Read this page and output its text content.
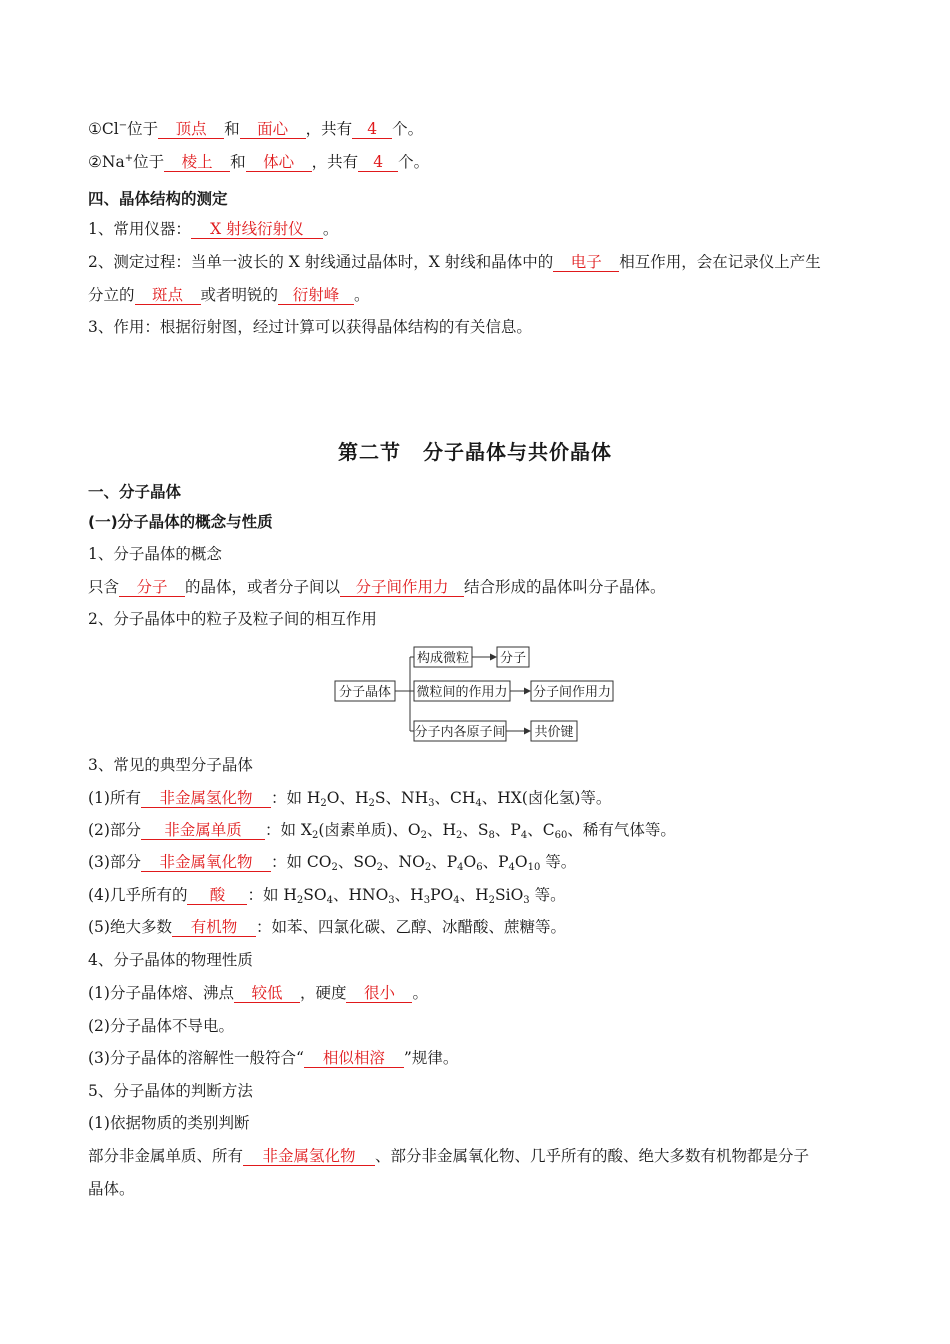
①Cl−位于 顶点 和 面心 ，共有 4 个。
②Na+位于 棱上 和 体心 ，共有 4 个。
四、晶体结构的测定
1、常用仪器： X 射线衍射仪 。
2、测定过程：当单一波长的 X 射线通过晶体时，X 射线和晶体中的 电子 相互作用，会在记录仪上产生
分立的 斑点 或者明锐的 衍射峰 。
3、作用：根据衍射图，经过计算可以获得晶体结构的有关信息。
第二节 分子晶体与共价晶体
一、分子晶体
(一)分子晶体的概念与性质
1、分子晶体的概念
只含 分子 的晶体，或者分子间以 分子间作用力 结合形成的晶体叫分子晶体。
2、分子晶体中的粒子及粒子间的相互作用
分子晶体
构成微粒
微粒间的作用力
分子内各原子间
分子
分子间作用力
共价键
3、常见的典型分子晶体
(1)所有 非金属氢化物 ：如 $H_2O$、$H_2S$、$NH_3$、$CH_4$、HX(卤化氢)等。
(2)部分 非金属单质 ：如 $X_2$(卤素单质)、$O_2$、$H_2$、$S_8$、$P_4$、$C_{60}$、稀有气体等。
(3)部分 非金属氧化物 ：如 $CO_2$、$SO_2$、$NO_2$、$P_4O_6$、$P_4O_{10}$ 等。
(4)几乎所有的 酸 ：如 $H_2SO_4$、$HNO_3$、$H_3PO_4$、$H_2SiO_3$ 等。
(5)绝大多数 有机物 ：如苯、四氯化碳、乙醇、冰醋酸、蔗糖等。
4、分子晶体的物理性质
(1)分子晶体熔、沸点 较低 ，硬度 很小 。
(2)分子晶体不导电。
(3)分子晶体的溶解性一般符合“ 相似相溶 ”规律。
5、分子晶体的判断方法
(1)依据物质的类别判断
部分非金属单质、所有 非金属氢化物 、部分非金属氧化物、几乎所有的酸、绝大多数有机物都是分子
晶体。
